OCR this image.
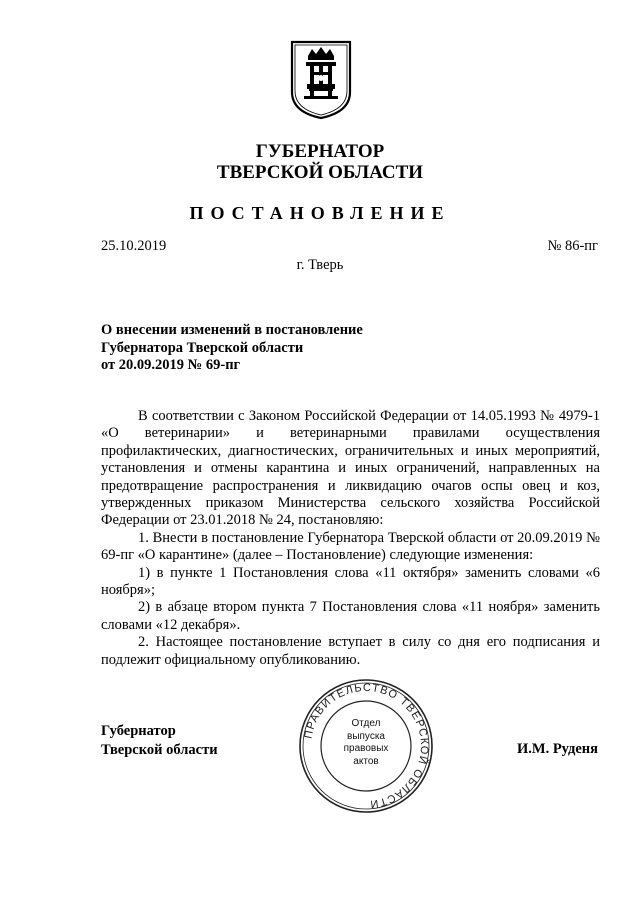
ГУБЕРНАТОР
ТВЕРСКОЙ ОБЛАСТИ
ПОСТАНОВЛЕНИЕ
25.10.2019	№ 86-пг
г. Тверь
О внесении изменений в постановление
Губернатора Тверской области
от 20.09.2019 № 69-пг

В соответствии с Законом Российской Федерации от 14.05.1993 № 4979-1 «О ветеринарии» и ветеринарными правилами осуществления профилактических, диагностических, ограничительных и иных мероприятий, установления и отмены карантина и иных ограничений, направленных на предотвращение распространения и ликвидацию очагов оспы овец и коз, утвержденных приказом Министерства сельского хозяйства Российской Федерации от 23.01.2018 № 24, постановляю:

1. Внести в постановление Губернатора Тверской области от 20.09.2019 № 69-пг «О карантине» (далее – Постановление) следующие изменения:

1) в пункте 1 Постановления слова «11 октября» заменить словами «6 ноября»;

2) в абзаце втором пункта 7 Постановления слова «11 ноября» заменить словами «12 декабря».

2. Настоящее постановление вступает в силу со дня его подписания и подлежит официальному опубликованию.

Губернатор
Тверской области	И.М. Руденя
ПРАВИТЕЛЬСТВО ТВЕРСКОЙ ОБЛАСТИ
Отдел
выпуска
правовых
актов
